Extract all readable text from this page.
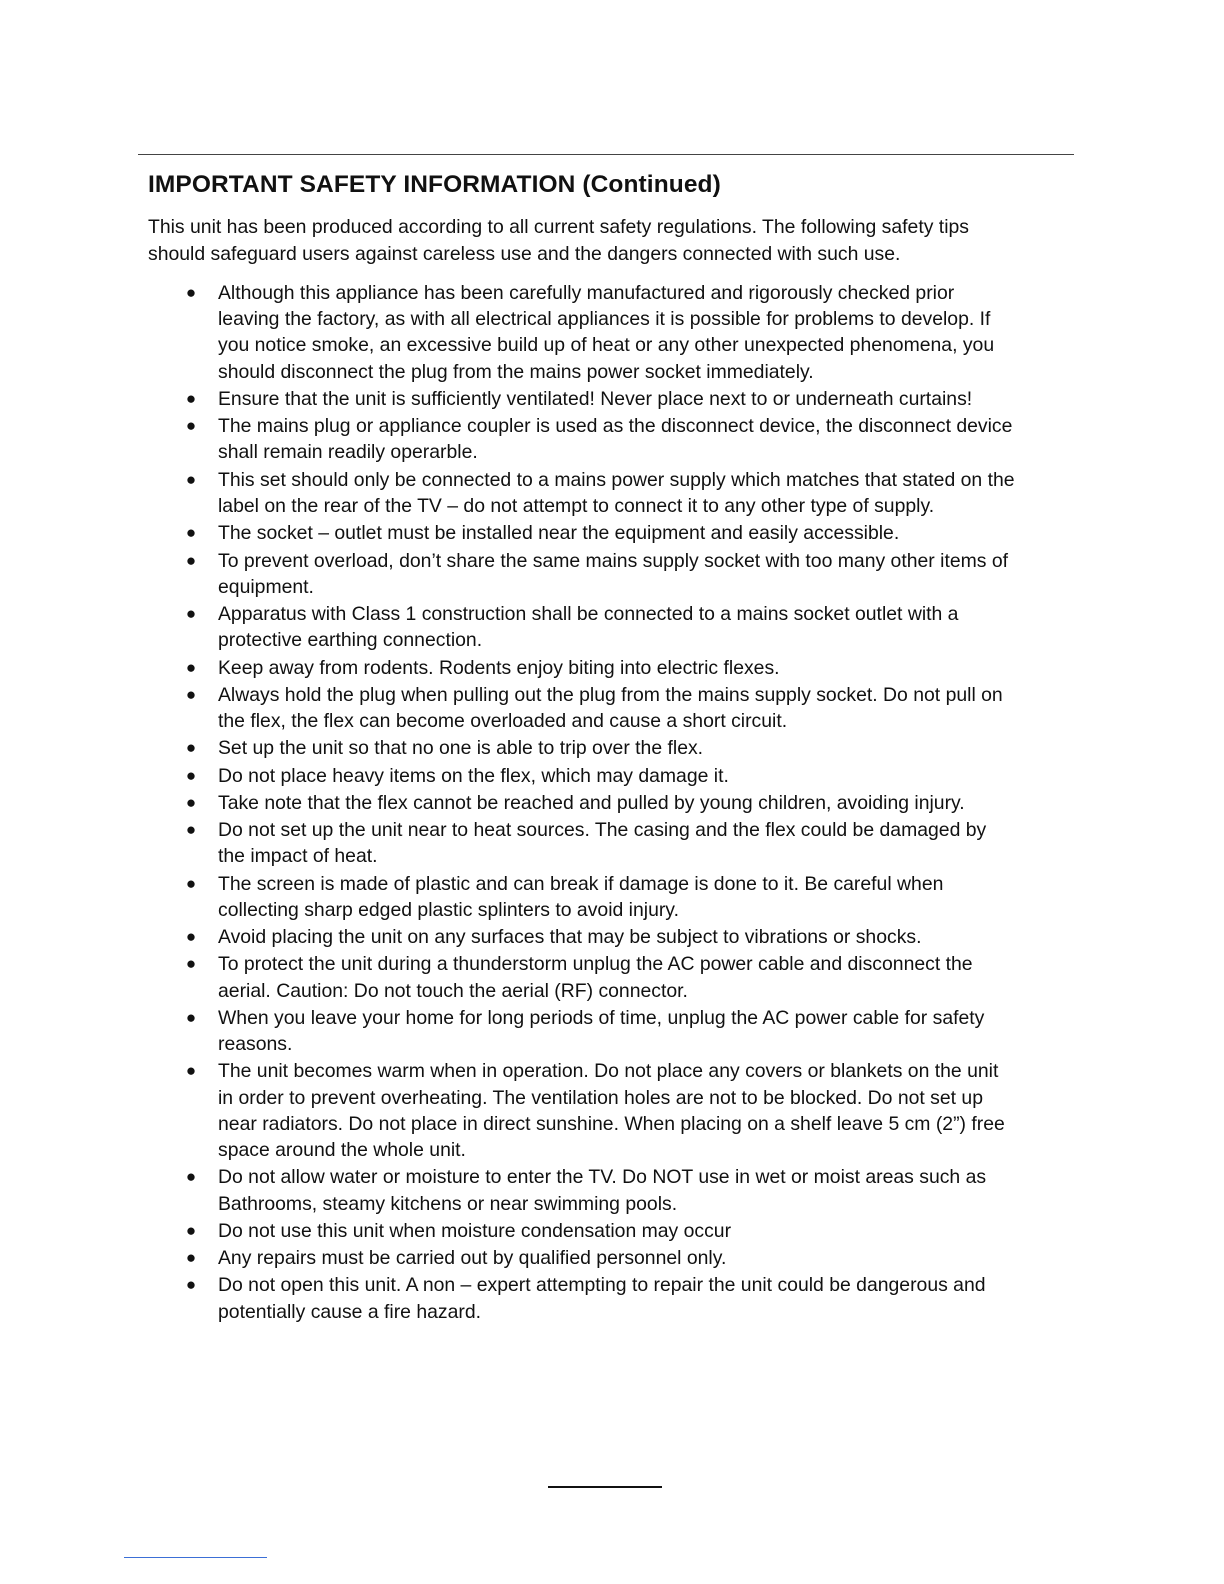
IMPORTANT SAFETY INFORMATION (Continued)

This unit has been produced according to all current safety regulations. The following safety tips should safeguard users against careless use and the dangers connected with such use.

● Although this appliance has been carefully manufactured and rigorously checked prior leaving the factory, as with all electrical appliances it is possible for problems to develop. If you notice smoke, an excessive build up of heat or any other unexpected phenomena, you should disconnect the plug from the mains power socket immediately.
● Ensure that the unit is sufficiently ventilated! Never place next to or underneath curtains!
● The mains plug or appliance coupler is used as the disconnect device, the disconnect device shall remain readily operarble.
● This set should only be connected to a mains power supply which matches that stated on the label on the rear of the TV – do not attempt to connect it to any other type of supply.
● The socket – outlet must be installed near the equipment and easily accessible.
● To prevent overload, don’t share the same mains supply socket with too many other items of equipment.
● Apparatus with Class 1 construction shall be connected to a mains socket outlet with a protective earthing connection.
● Keep away from rodents. Rodents enjoy biting into electric flexes.
● Always hold the plug when pulling out the plug from the mains supply socket. Do not pull on the flex, the flex can become overloaded and cause a short circuit.
● Set up the unit so that no one is able to trip over the flex.
● Do not place heavy items on the flex, which may damage it.
● Take note that the flex cannot be reached and pulled by young children, avoiding injury.
● Do not set up the unit near to heat sources. The casing and the flex could be damaged by the impact of heat.
● The screen is made of plastic and can break if damage is done to it. Be careful when collecting sharp edged plastic splinters to avoid injury.
● Avoid placing the unit on any surfaces that may be subject to vibrations or shocks.
● To protect the unit during a thunderstorm unplug the AC power cable and disconnect the aerial. Caution: Do not touch the aerial (RF) connector.
● When you leave your home for long periods of time, unplug the AC power cable for safety reasons.
● The unit becomes warm when in operation. Do not place any covers or blankets on the unit in order to prevent overheating. The ventilation holes are not to be blocked. Do not set up near radiators. Do not place in direct sunshine. When placing on a shelf leave 5 cm (2”) free space around the whole unit.
● Do not allow water or moisture to enter the TV. Do NOT use in wet or moist areas such as Bathrooms, steamy kitchens or near swimming pools.
● Do not use this unit when moisture condensation may occur
● Any repairs must be carried out by qualified personnel only.
● Do not open this unit. A non – expert attempting to repair the unit could be dangerous and potentially cause a fire hazard.
